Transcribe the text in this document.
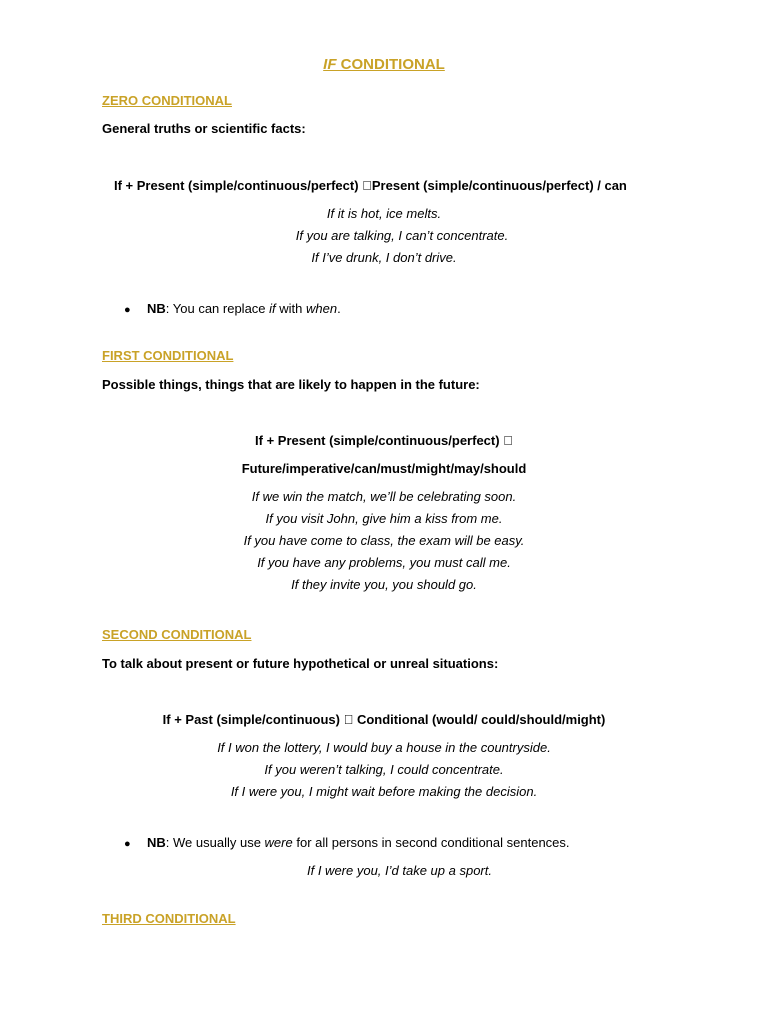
IF CONDITIONAL
ZERO CONDITIONAL
General truths or scientific facts:
If + Present (simple/continuous/perfect) Present (simple/continuous/perfect) / can
If it is hot, ice melts.
If you are talking, I can’t concentrate.
If I’ve drunk, I don’t drive.
● NB: You can replace if with when.
FIRST CONDITIONAL
Possible things, things that are likely to happen in the future:
If + Present (simple/continuous/perfect)
Future/imperative/can/must/might/may/should
If we win the match, we’ll be celebrating soon.
If you visit John, give him a kiss from me.
If you have come to class, the exam will be easy.
If you have any problems, you must call me.
If they invite you, you should go.
SECOND CONDITIONAL
To talk about present or future hypothetical or unreal situations:
If + Past (simple/continuous) Conditional (would/ could/should/might)
If I won the lottery, I would buy a house in the countryside.
If you weren’t talking, I could concentrate.
If I were you, I might wait before making the decision.
● NB: We usually use were for all persons in second conditional sentences.
If I were you, I’d take up a sport.
THIRD CONDITIONAL
